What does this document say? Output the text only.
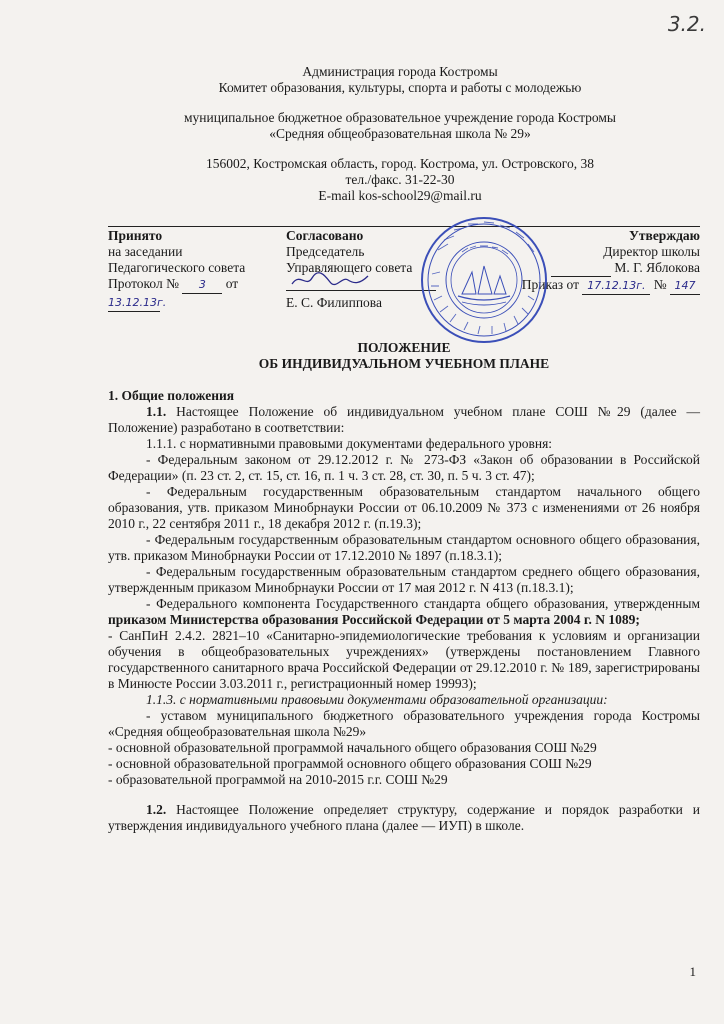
3.2.
Администрация города Костромы
Комитет образования, культуры, спорта и работы с молодежью
муниципальное бюджетное образовательное учреждение города Костромы
«Средняя общеобразовательная школа № 29»
156002, Костромская область, город. Кострома, ул. Островского, 38
тел./факс. 31-22-30
E-mail kos-school29@mail.ru
Принято
на заседании
Педагогического совета
Протокол № 3 от 13.12.13г.
Согласовано
Председатель
Управляющего совета
Е. С. Филиппова
Утверждаю
Директор школы
М. Г. Яблокова
Приказ от 17.12.13г. № 147
ПОЛОЖЕНИЕ
ОБ ИНДИВИДУАЛЬНОМ УЧЕБНОМ ПЛАНЕ

1. Общие положения

1.1. Настоящее Положение об индивидуальном учебном плане СОШ №29 (далее — Положение) разработано в соответствии:

1.1.1. с нормативными правовыми документами федерального уровня:

- Федеральным законом от 29.12.2012 г. № 273-ФЗ «Закон об образовании в Российской Федерации» (п. 23 ст. 2, ст. 15, ст. 16, п. 1 ч. 3 ст. 28, ст. 30, п. 5 ч. 3 ст. 47);

- Федеральным государственным образовательным стандартом начального общего образования, утв. приказом Минобрнауки России от 06.10.2009 № 373 с изменениями от 26 ноября 2010 г., 22 сентября 2011 г., 18 декабря 2012 г. (п.19.3);

- Федеральным государственным образовательным стандартом основного общего образования, утв. приказом Минобрнауки России от 17.12.2010 № 1897 (п.18.3.1);

- Федеральным государственным образовательным стандартом среднего общего образования, утвержденным приказом Минобрнауки России от 17 мая 2012 г. N 413 (п.18.3.1);

- Федерального компонента Государственного стандарта общего образования, утвержденным приказом Министерства образования Российской Федерации от 5 марта 2004 г. N 1089;

- СанПиН 2.4.2. 2821–10 «Санитарно-эпидемиологические требования к условиям и организации обучения в общеобразовательных учреждениях» (утверждены постановлением Главного государственного санитарного врача Российской Федерации от 29.12.2010 г. № 189, зарегистрированы в Минюсте России 3.03.2011 г., регистрационный номер 19993);

1.1.3. с нормативными правовыми документами образовательной организации:

- уставом муниципального бюджетного образовательного учреждения города Костромы «Средняя общеобразовательная школа №29»

- основной образовательной программой начального общего образования СОШ №29

- основной образовательной программой основного общего образования СОШ №29

- образовательной программой на 2010-2015 г.г. СОШ №29

1.2. Настоящее Положение определяет структуру, содержание и порядок разработки и утверждения индивидуального учебного плана (далее — ИУП) в школе.

1
